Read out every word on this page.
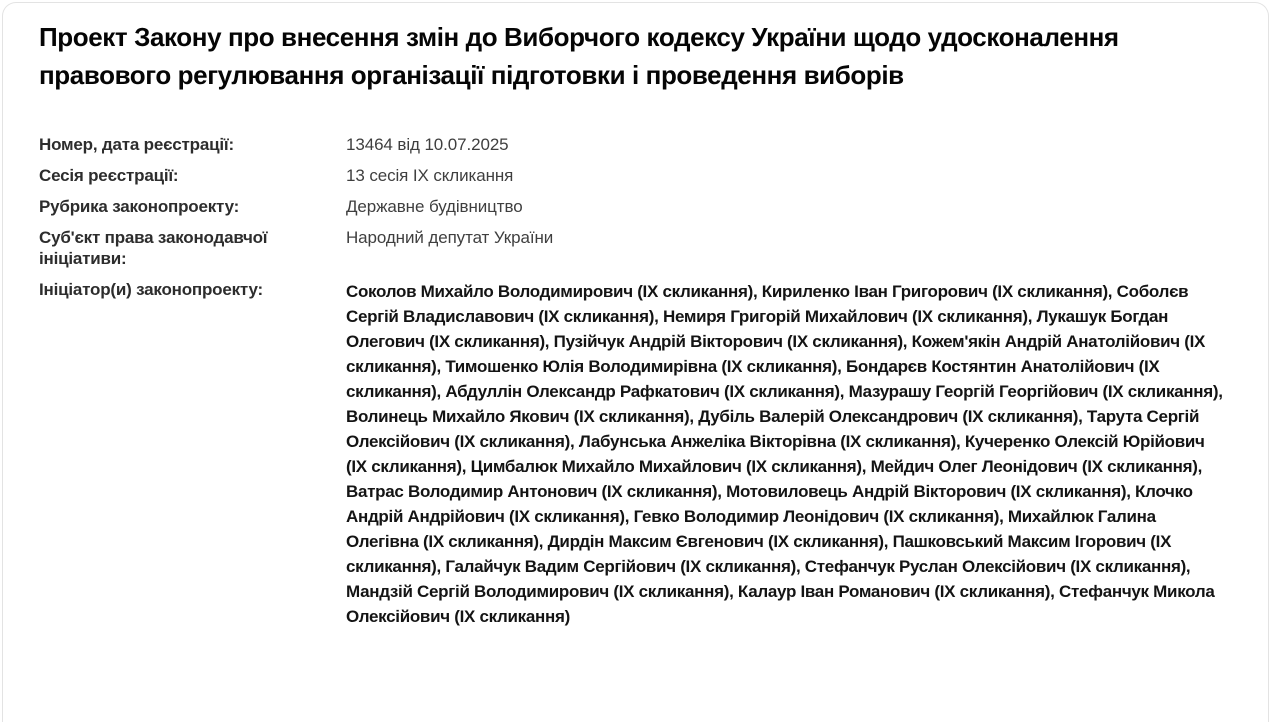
Проект Закону про внесення змін до Виборчого кодексу України щодо удосконалення правового регулювання організації підготовки і проведення виборів
Номер, дата реєстрації:	13464 від 10.07.2025
Сесія реєстрації:	13 сесія IX скликання
Рубрика законопроекту:	Державне будівництво
Суб'єкт права законодавчої ініціативи:
Народний депутат України
Ініціатор(и) законопроекту:	Соколов Михайло Володимирович (IX скликання), Кириленко Іван Григорович (IX скликання), Соболєв Сергій Владиславович (IX скликання), Немиря Григорій Михайлович (IX скликання), Лукашук Богдан Олегович (IX скликання), Пузійчук Андрій Вікторович (IX скликання), Кожем'якін Андрій Анатолійович (IX скликання), Тимошенко Юлія Володимирівна (IX скликання), Бондарєв Костянтин Анатолійович (IX скликання), Абдуллін Олександр Рафкатович (IX скликання), Мазурашу Георгій Георгійович (IX скликання), Волинець Михайло Якович (IX скликання), Дубіль Валерій Олександрович (IX скликання), Тарута Сергій Олексійович (IX скликання), Лабунська Анжеліка Вікторівна (IX скликання), Кучеренко Олексій Юрійович (IX скликання), Цимбалюк Михайло Михайлович (IX скликання), Мейдич Олег Леонідович (IX скликання), Ватрас Володимир Антонович (IX скликання), Мотовиловець Андрій Вікторович (IX скликання), Клочко Андрій Андрійович (IX скликання), Гевко Володимир Леонідович (IX скликання), Михайлюк Галина Олегівна (IX скликання), Дирдін Максим Євгенович (IX скликання), Пашковський Максим Ігорович (IX скликання), Галайчук Вадим Сергійович (IX скликання), Стефанчук Руслан Олексійович (IX скликання), Мандзій Сергій Володимирович (IX скликання), Калаур Іван Романович (IX скликання), Стефанчук Микола Олексійович (IX скликання)
